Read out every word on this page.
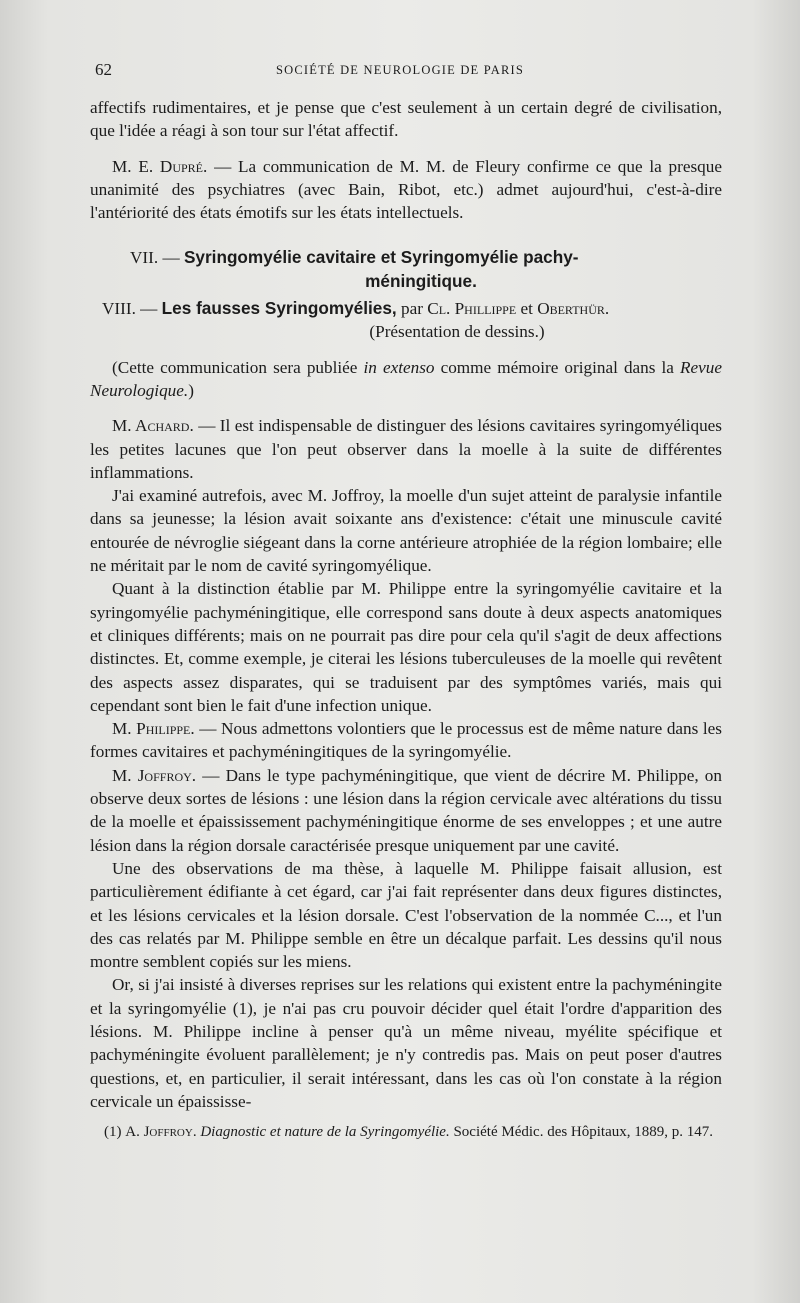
62	SOCIÉTÉ DE NEUROLOGIE DE PARIS

affectifs rudimentaires, et je pense que c'est seulement à un certain degré de civilisation, que l'idée a réagi à son tour sur l'état affectif.

M. E. Dupré. — La communication de M. M. de Fleury confirme ce que la presque unanimité des psychiatres (avec Bain, Ribot, etc.) admet aujourd'hui, c'est-à-dire l'antériorité des états émotifs sur les états intellectuels.

VII. — Syringomyélie cavitaire et Syringomyélie pachy-
méningitique.
VIII. — Les fausses Syringomyélies, par Cl. Phillippe et Oberthür.
(Présentation de dessins.)

(Cette communication sera publiée in extenso comme mémoire original dans la Revue Neurologique.)

M. Achard. — Il est indispensable de distinguer des lésions cavitaires syringomyéliques les petites lacunes que l'on peut observer dans la moelle à la suite de différentes inflammations.

J'ai examiné autrefois, avec M. Joffroy, la moelle d'un sujet atteint de paralysie infantile dans sa jeunesse; la lésion avait soixante ans d'existence: c'était une minuscule cavité entourée de névroglie siégeant dans la corne antérieure atrophiée de la région lombaire; elle ne méritait par le nom de cavité syringomyélique.

Quant à la distinction établie par M. Philippe entre la syringomyélie cavitaire et la syringomyélie pachyméningitique, elle correspond sans doute à deux aspects anatomiques et cliniques différents; mais on ne pourrait pas dire pour cela qu'il s'agit de deux affections distinctes. Et, comme exemple, je citerai les lésions tuberculeuses de la moelle qui revêtent des aspects assez disparates, qui se traduisent par des symptômes variés, mais qui cependant sont bien le fait d'une infection unique.

M. Philippe. — Nous admettons volontiers que le processus est de même nature dans les formes cavitaires et pachyméningitiques de la syringomyélie.

M. Joffroy. — Dans le type pachyméningitique, que vient de décrire M. Philippe, on observe deux sortes de lésions : une lésion dans la région cervicale avec altérations du tissu de la moelle et épaississement pachyméningitique énorme de ses enveloppes ; et une autre lésion dans la région dorsale caractérisée presque uniquement par une cavité.

Une des observations de ma thèse, à laquelle M. Philippe faisait allusion, est particulièrement édifiante à cet égard, car j'ai fait représenter dans deux figures distinctes, et les lésions cervicales et la lésion dorsale. C'est l'observation de la nommée C..., et l'un des cas relatés par M. Philippe semble en être un décalque parfait. Les dessins qu'il nous montre semblent copiés sur les miens.

Or, si j'ai insisté à diverses reprises sur les relations qui existent entre la pachyméningite et la syringomyélie (1), je n'ai pas cru pouvoir décider quel était l'ordre d'apparition des lésions. M. Philippe incline à penser qu'à un même niveau, myélite spécifique et pachyméningite évoluent parallèlement; je n'y contredis pas. Mais on peut poser d'autres questions, et, en particulier, il serait intéressant, dans les cas où l'on constate à la région cervicale un épaississe-

(1) A. Joffroy. Diagnostic et nature de la Syringomyélie. Société Médic. des Hôpitaux, 1889, p. 147.
